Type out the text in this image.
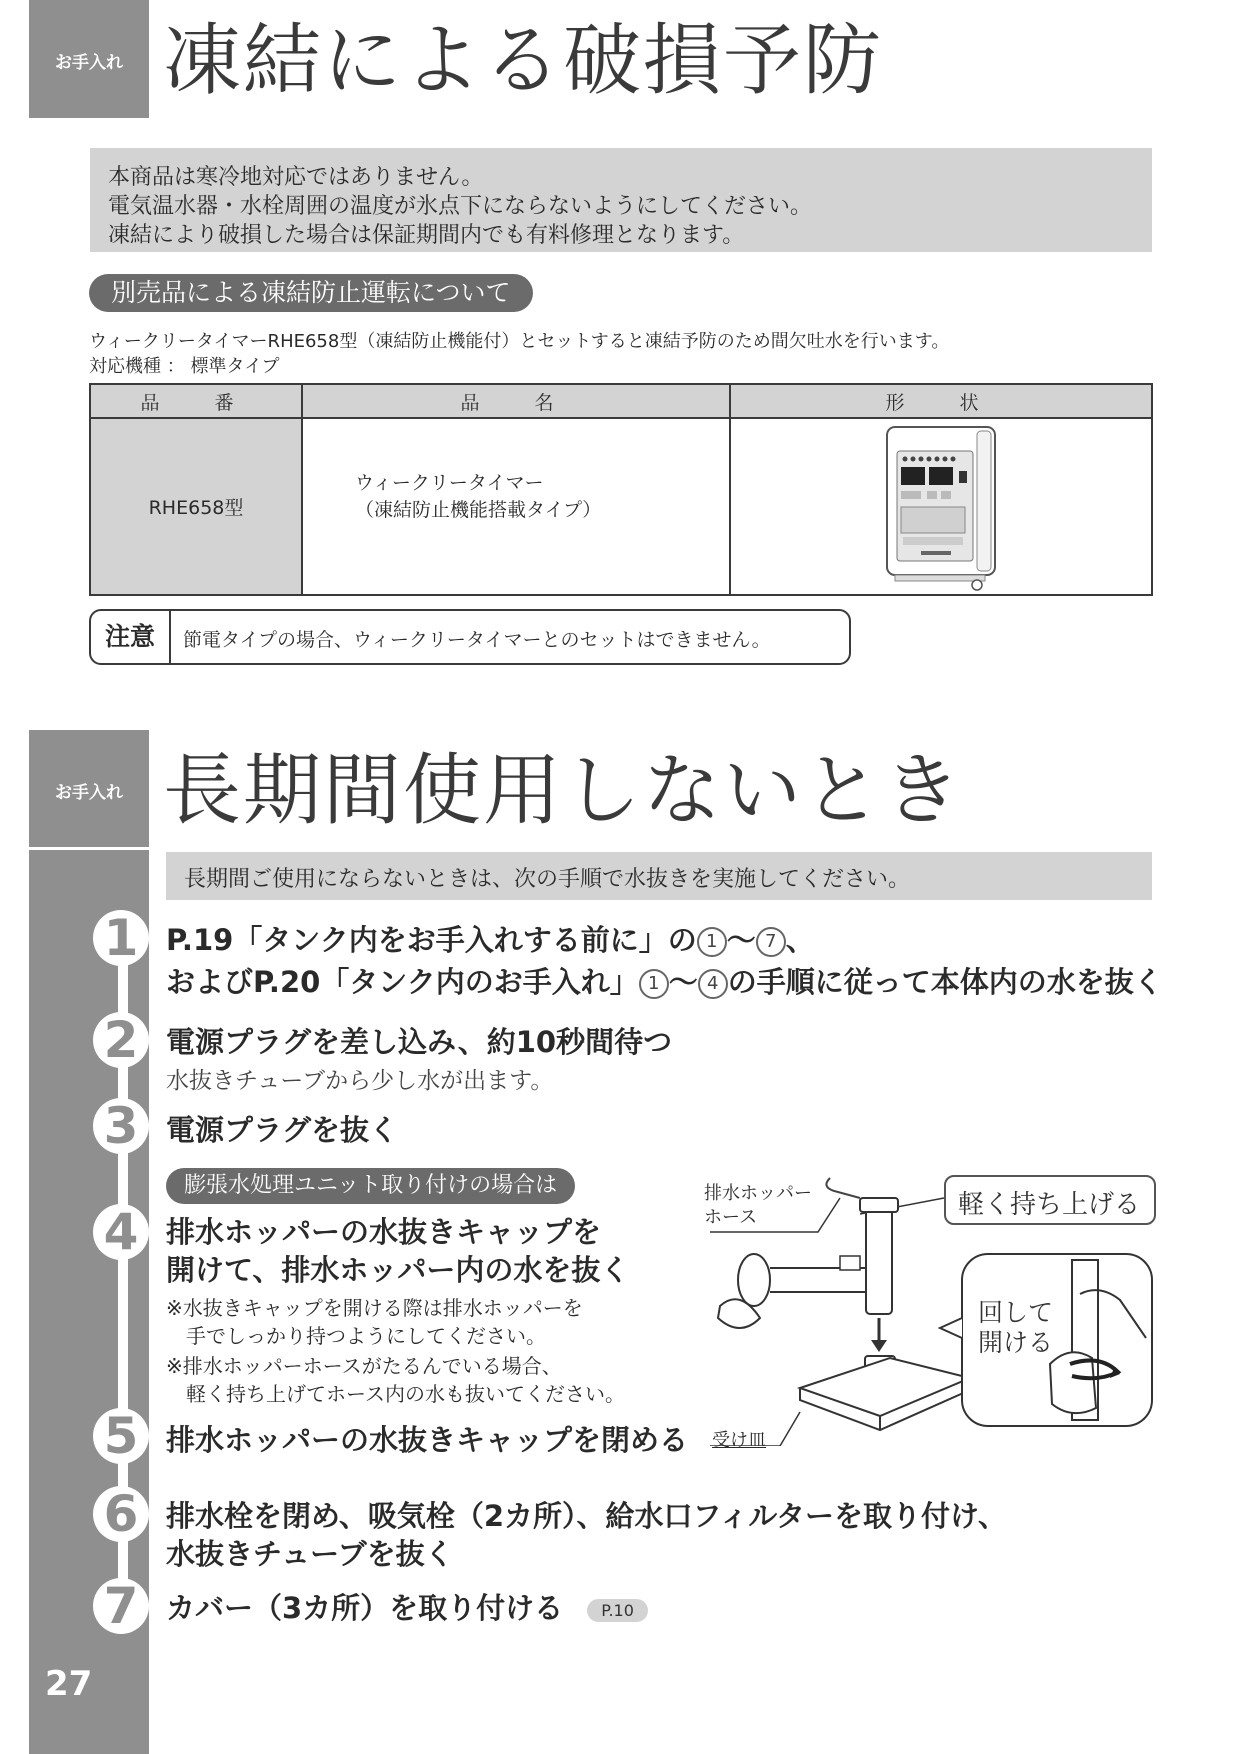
お手入れ 凍結による破損予防
本商品は寒冷地対応ではありません。
電気温水器・水栓周囲の温度が氷点下にならないようにしてください。
凍結により破損した場合は保証期間内でも有料修理となります。
別売品による凍結防止運転について
ウィークリータイマーRHE658型（凍結防止機能付）とセットすると凍結予防のため間欠吐水を行います。
対応機種 ： 標準タイプ
品　番	品　名	形　状
RHE658型	ウィークリータイマー
（凍結防止機能搭載タイプ）

注意	節電タイプの場合、ウィークリータイマーとのセットはできません。
お手入れ 長期間使用しないとき
長期間ご使用にならないときは、次の手順で水抜きを実施してください。
1 P.19「タンク内をお手入れする前に」の 1 〜 7 、
およびP.20「タンク内のお手入れ」 1 〜 4 の手順に従って本体内の水を抜く
2 電源プラグを差し込み、約10秒間待つ
水抜きチューブから少し水が出ます。
3 電源プラグを抜く
膨張水処理ユニット取り付けの場合は
4 排水ホッパーの水抜きキャップを
開けて、排水ホッパー内の水を抜く
※水抜きキャップを開ける際は排水ホッパーを
　手でしっかり持つようにしてください。
※排水ホッパーホースがたるんでいる場合、
　軽く持ち上げてホース内の水も抜いてください。
5 排水ホッパーの水抜きキャップを閉める
6 排水栓を閉め、吸気栓（2カ所）、給水口フィルターを取り付け、
水抜きチューブを抜く
7 カバー（3カ所）を取り付ける P.10
排水ホッパー
ホース	軽く持ち上げる
受け皿
回して
開ける
27
